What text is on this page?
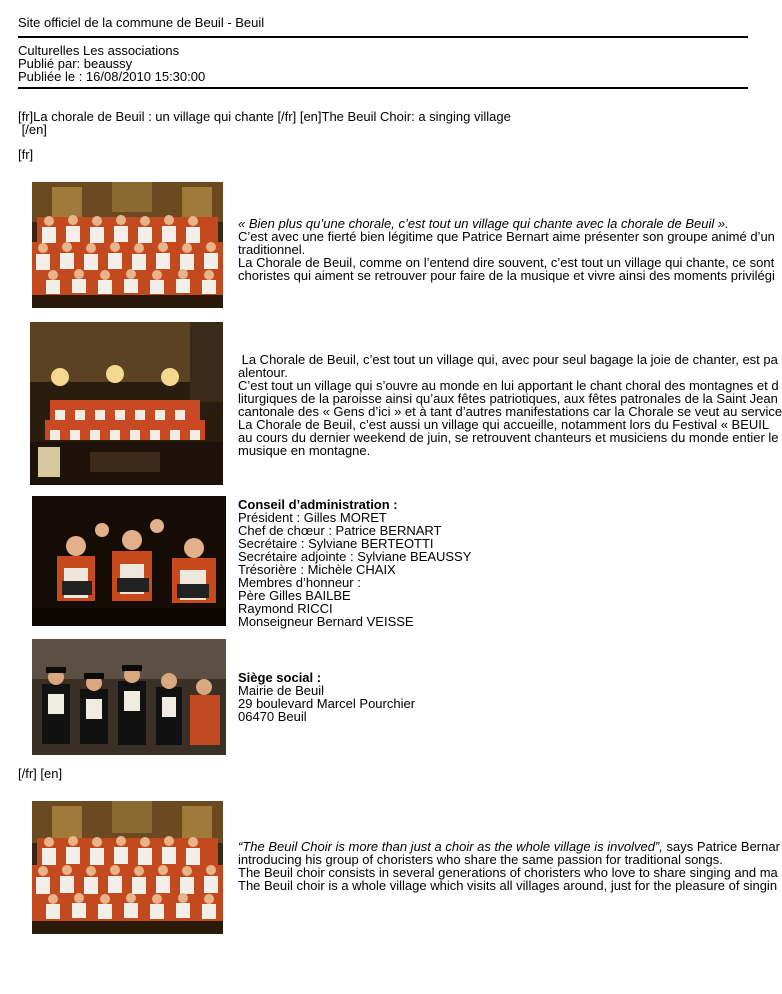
Site officiel de la commune de Beuil - Beuil
Culturelles Les associations
Publié par: beaussy
Publiée le : 16/08/2010 15:30:00
[fr]La chorale de Beuil : un village qui chante [/fr] [en]The Beuil Choir: a singing village
[/en]
[fr]
« Bien plus qu’une chorale, c’est tout un village qui chante avec la chorale de Beuil ».
C’est avec une fierté bien légitime que Patrice Bernart aime présenter son groupe animé d’un
traditionnel.
La Chorale de Beuil, comme on l’entend dire souvent, c’est tout un village qui chante, ce sont
choristes qui aiment se retrouver pour faire de la musique et vivre ainsi des moments privilégi
La Chorale de Beuil, c’est tout un village qui, avec pour seul bagage la joie de chanter, est pa
alentour.
C’est tout un village qui s’ouvre au monde en lui apportant le chant choral des montagnes et d
liturgiques de la paroisse ainsi qu’aux fêtes patriotiques, aux fêtes patronales de la Saint Jean
cantonale des « Gens d’ici » et à tant d’autres manifestations car la Chorale se veut au service
La Chorale de Beuil, c’est aussi un village qui accueille, notamment lors du Festival « BEUIL
au cours du dernier weekend de juin, se retrouvent chanteurs et musiciens du monde entier le
musique en montagne.
Conseil d’administration :
Président : Gilles MORET
Chef de chœur : Patrice BERNART
Secrétaire : Sylviane BERTEOTTI
Secrétaire adjointe : Sylviane BEAUSSY
Trésorière : Michèle CHAIX
Membres d’honneur :
Père Gilles BAILBE
Raymond RICCI
Monseigneur Bernard VEISSE
Siège social :
Mairie de Beuil
29 boulevard Marcel Pourchier
06470 Beuil
[/fr] [en]
“The Beuil Choir is more than just a choir as the whole village is involved”, says Patrice Bernar
introducing his group of choristers who share the same passion for traditional songs.
The Beuil choir consists in several generations of choristers who love to share singing and ma
The Beuil choir is a whole village which visits all villages around, just for the pleasure of singin
